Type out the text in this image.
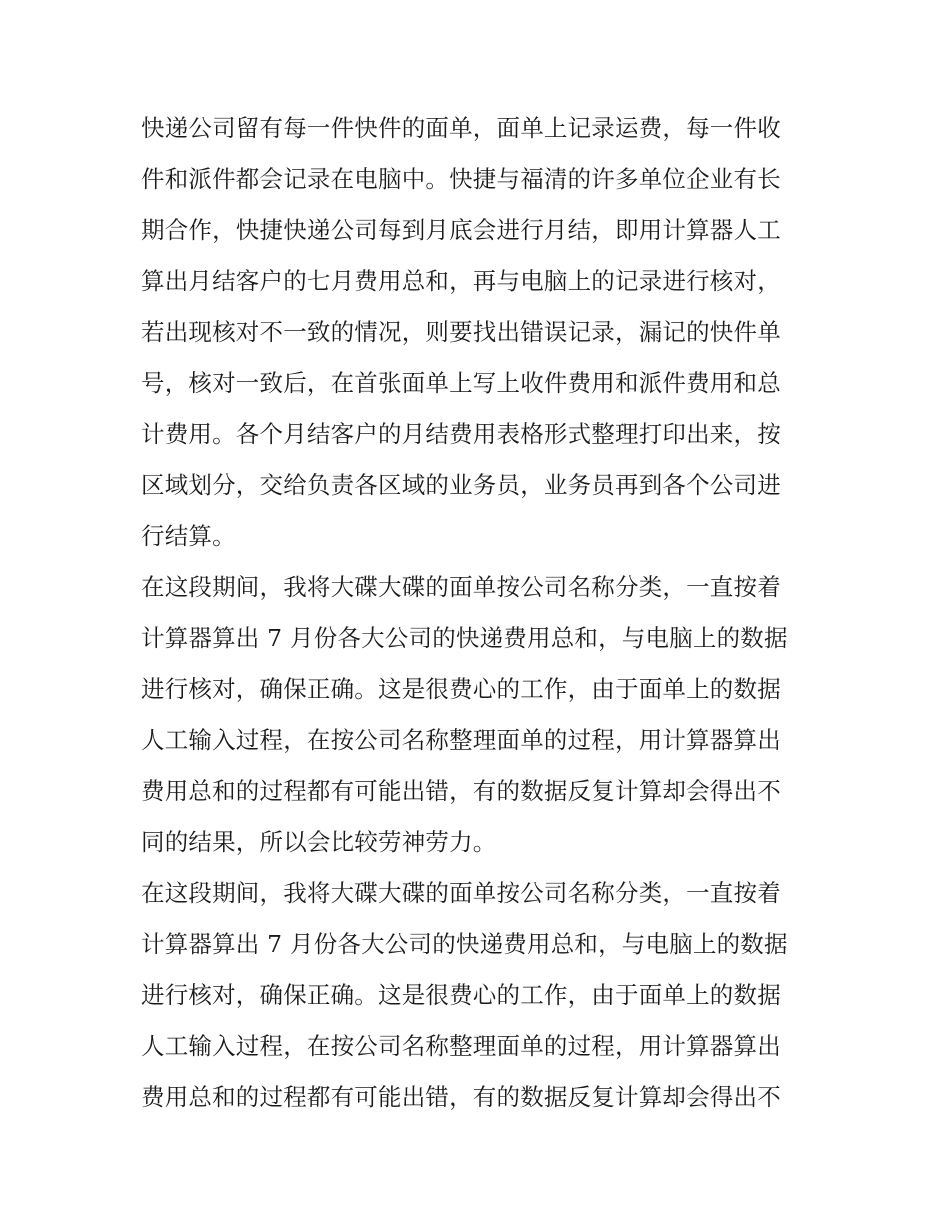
快递公司留有每一件快件的面单，面单上记录运费，每一件收
件和派件都会记录在电脑中。快捷与福清的许多单位企业有长
期合作，快捷快递公司每到月底会进行月结，即用计算器人工
算出月结客户的七月费用总和，再与电脑上的记录进行核对，
若出现核对不一致的情况，则要找出错误记录，漏记的快件单
号，核对一致后，在首张面单上写上收件费用和派件费用和总
计费用。各个月结客户的月结费用表格形式整理打印出来，按
区域划分，交给负责各区域的业务员，业务员再到各个公司进
行结算。
在这段期间，我将大碟大碟的面单按公司名称分类，一直按着
计算器算出 7 月份各大公司的快递费用总和，与电脑上的数据
进行核对，确保正确。这是很费心的工作，由于面单上的数据
人工输入过程，在按公司名称整理面单的过程，用计算器算出
费用总和的过程都有可能出错，有的数据反复计算却会得出不
同的结果，所以会比较劳神劳力。
在这段期间，我将大碟大碟的面单按公司名称分类，一直按着
计算器算出 7 月份各大公司的快递费用总和，与电脑上的数据
进行核对，确保正确。这是很费心的工作，由于面单上的数据
人工输入过程，在按公司名称整理面单的过程，用计算器算出
费用总和的过程都有可能出错，有的数据反复计算却会得出不
